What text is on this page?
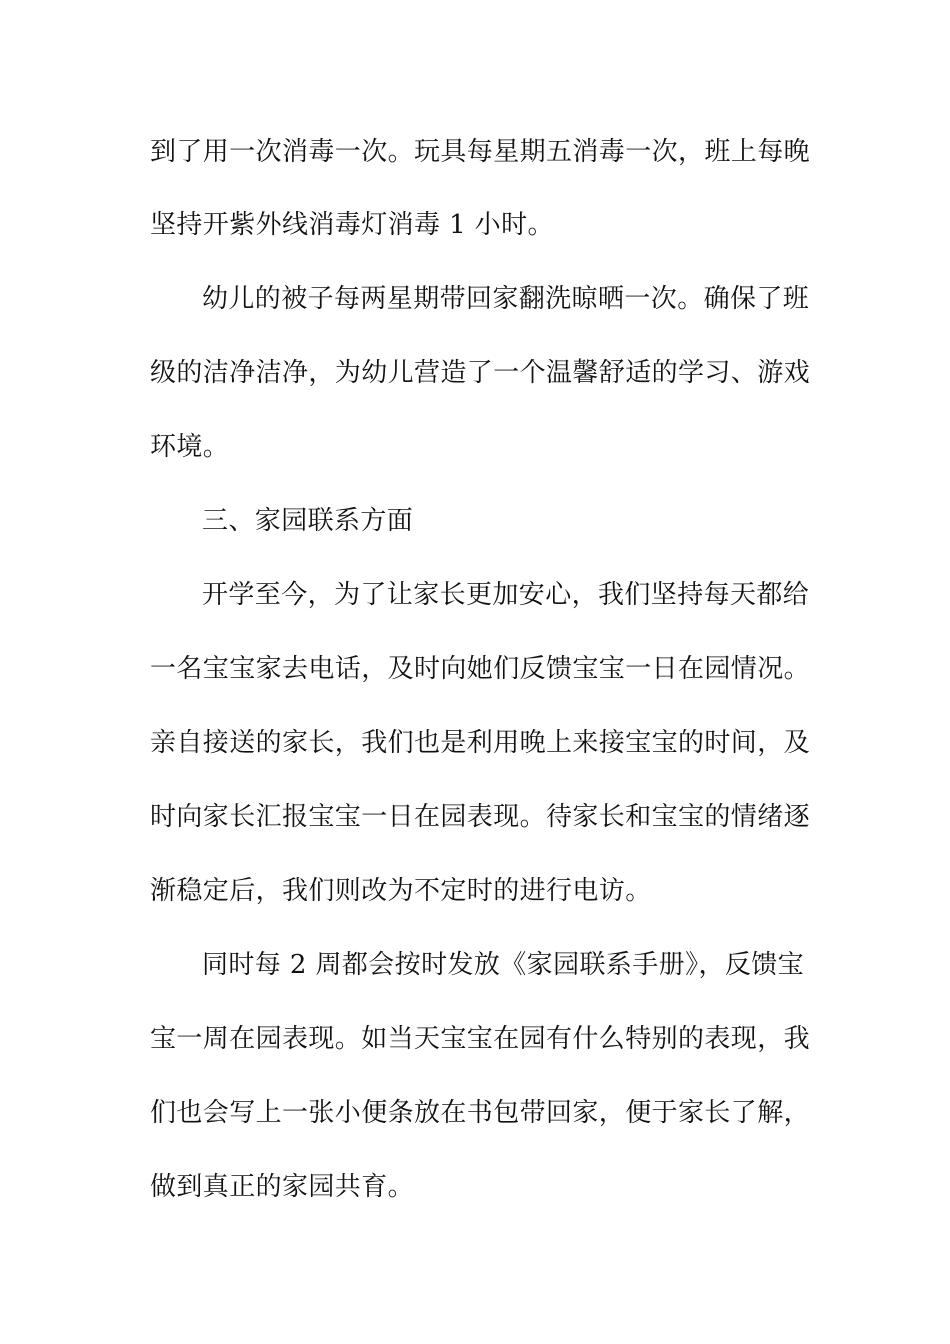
到了用一次消毒一次。玩具每星期五消毒一次，班上每晚
坚持开紫外线消毒灯消毒 1 小时。
幼儿的被子每两星期带回家翻洗晾晒一次。确保了班
级的洁净洁净，为幼儿营造了一个温馨舒适的学习、游戏
环境。
三、家园联系方面
开学至今，为了让家长更加安心，我们坚持每天都给
一名宝宝家去电话，及时向她们反馈宝宝一日在园情况。
亲自接送的家长，我们也是利用晚上来接宝宝的时间，及
时向家长汇报宝宝一日在园表现。待家长和宝宝的情绪逐
渐稳定后，我们则改为不定时的进行电访。
同时每 2 周都会按时发放《家园联系手册》，反馈宝
宝一周在园表现。如当天宝宝在园有什么特别的表现，我
们也会写上一张小便条放在书包带回家，便于家长了解，
做到真正的家园共育。
